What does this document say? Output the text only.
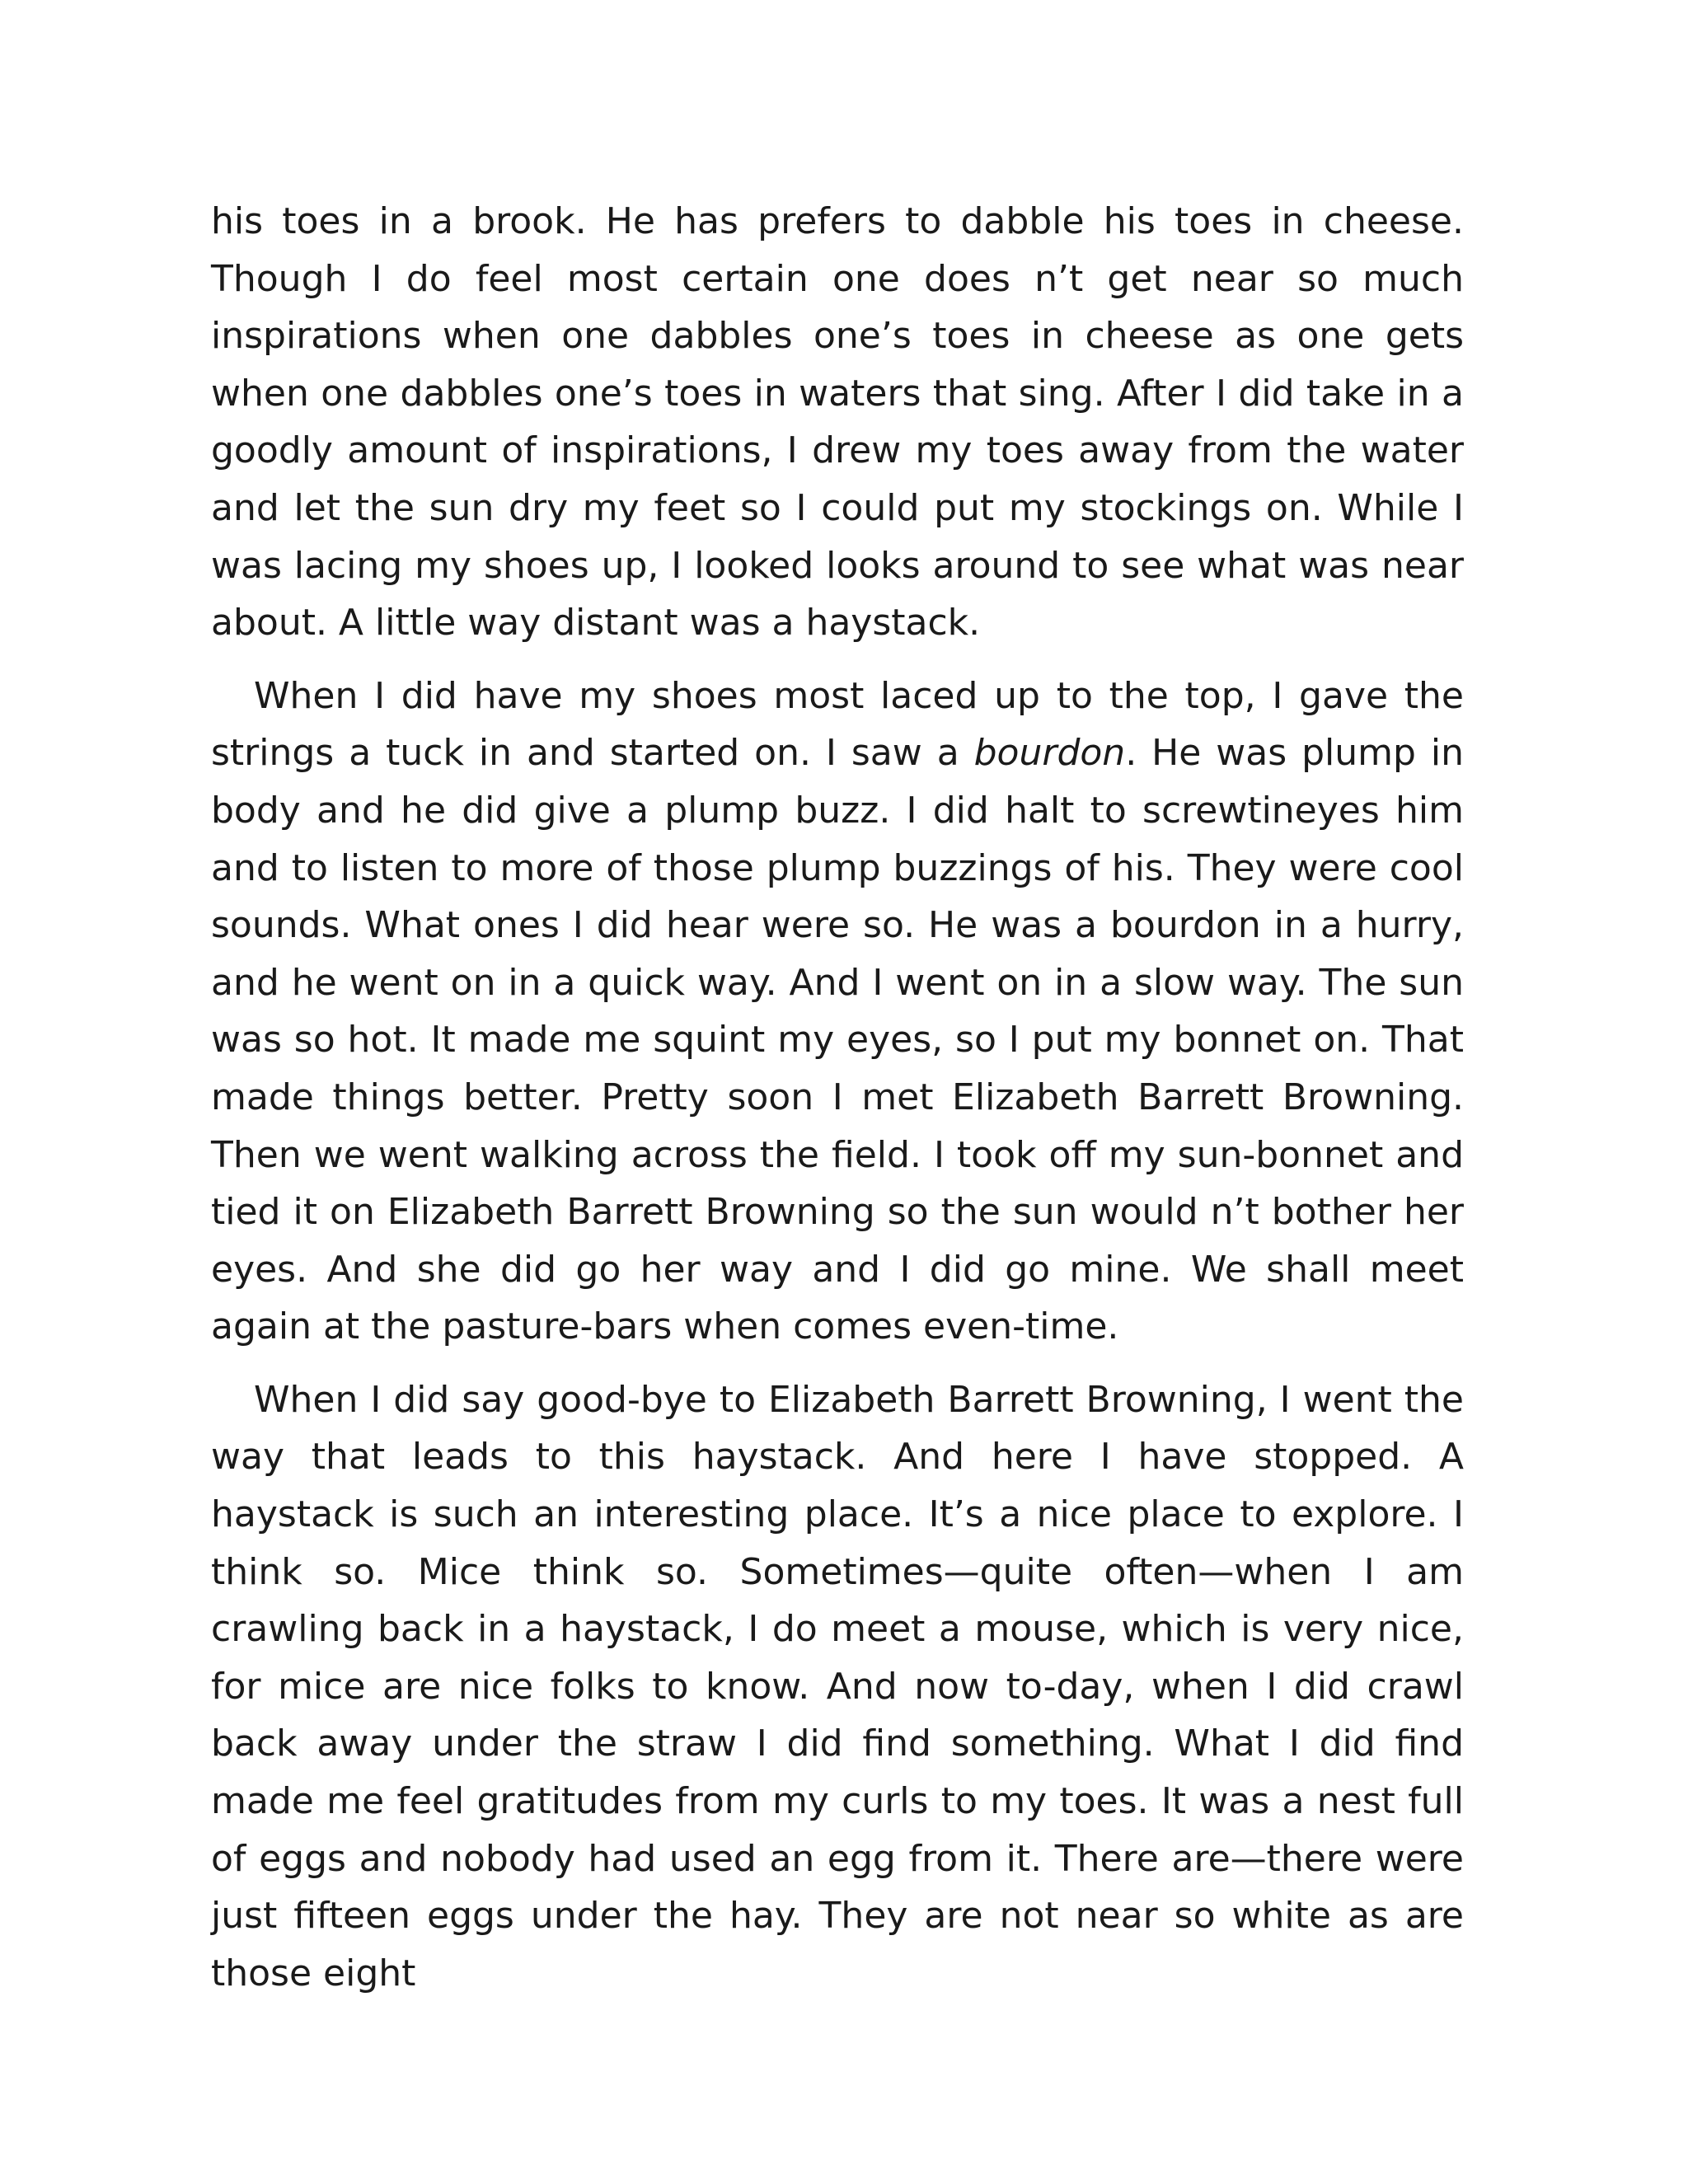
his toes in a brook. He has prefers to dabble his toes in cheese. Though I do feel most certain one does n’t get near so much inspirations when one dabbles one’s toes in cheese as one gets when one dabbles one’s toes in waters that sing. After I did take in a goodly amount of inspirations, I drew my toes away from the water and let the sun dry my feet so I could put my stockings on. While I was lacing my shoes up, I looked looks around to see what was near about. A little way distant was a haystack.

When I did have my shoes most laced up to the top, I gave the strings a tuck in and started on. I saw a bourdon. He was plump in body and he did give a plump buzz. I did halt to screwtineyes him and to listen to more of those plump buzzings of his. They were cool sounds. What ones I did hear were so. He was a bourdon in a hurry, and he went on in a quick way. And I went on in a slow way. The sun was so hot. It made me squint my eyes, so I put my bonnet on. That made things better. Pretty soon I met Elizabeth Barrett Browning. Then we went walking across the field. I took off my sun-bonnet and tied it on Elizabeth Barrett Browning so the sun would n’t bother her eyes. And she did go her way and I did go mine. We shall meet again at the pasture-bars when comes even-time.

When I did say good-bye to Elizabeth Barrett Browning, I went the way that leads to this haystack. And here I have stopped. A haystack is such an interesting place. It’s a nice place to explore. I think so. Mice think so. Sometimes—quite often—when I am crawling back in a haystack, I do meet a mouse, which is very nice, for mice are nice folks to know. And now to-day, when I did crawl back away under the straw I did find something. What I did find made me feel gratitudes from my curls to my toes. It was a nest full of eggs and nobody had used an egg from it. There are—there were just fifteen eggs under the hay. They are not near so white as are those eight
